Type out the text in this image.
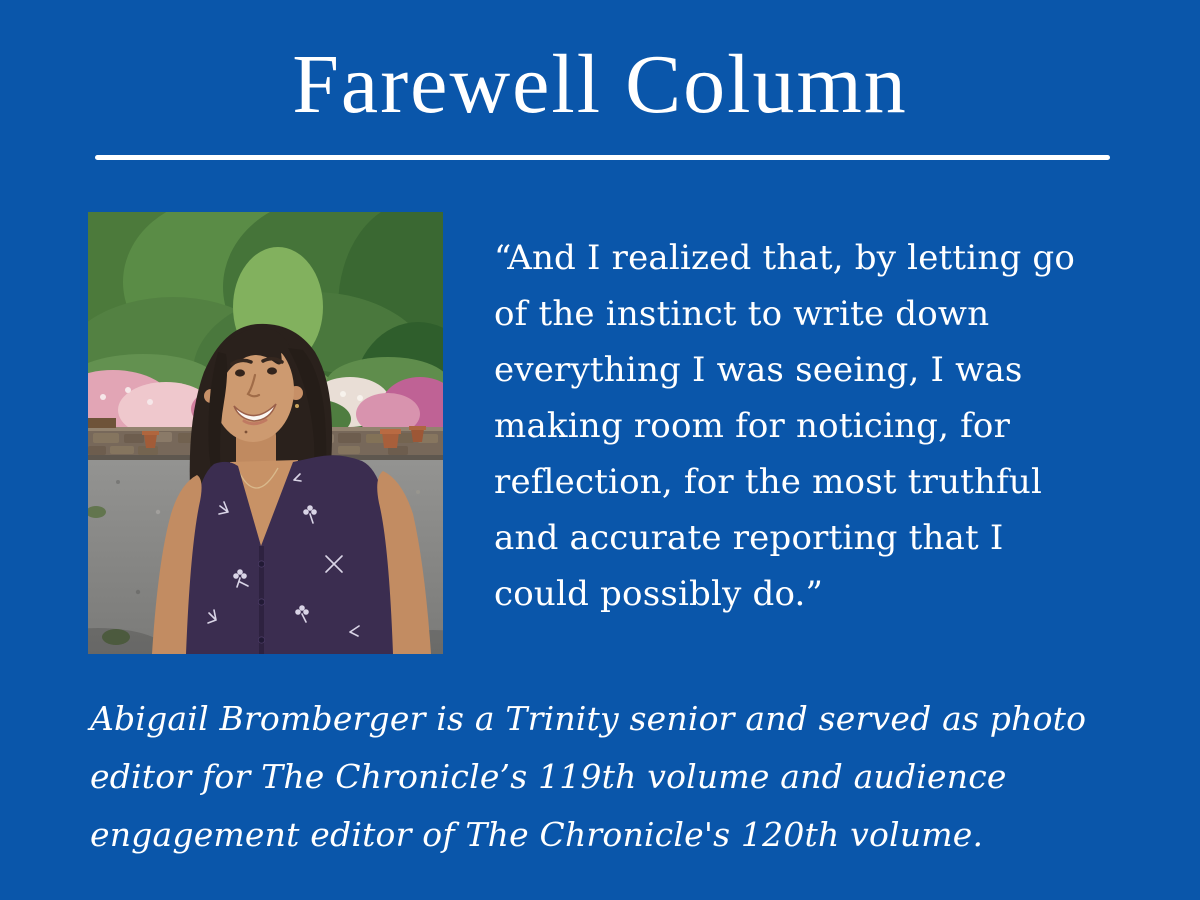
Farewell Column
“And I realized that, by letting go
of the instinct to write down
everything I was seeing, I was
making room for noticing, for
reflection, for the most truthful
and accurate reporting that I
could possibly do.”
Abigail Bromberger is a Trinity senior and served as photo
editor for The Chronicle’s 119th volume and audience
engagement editor of The Chronicle's 120th volume.
